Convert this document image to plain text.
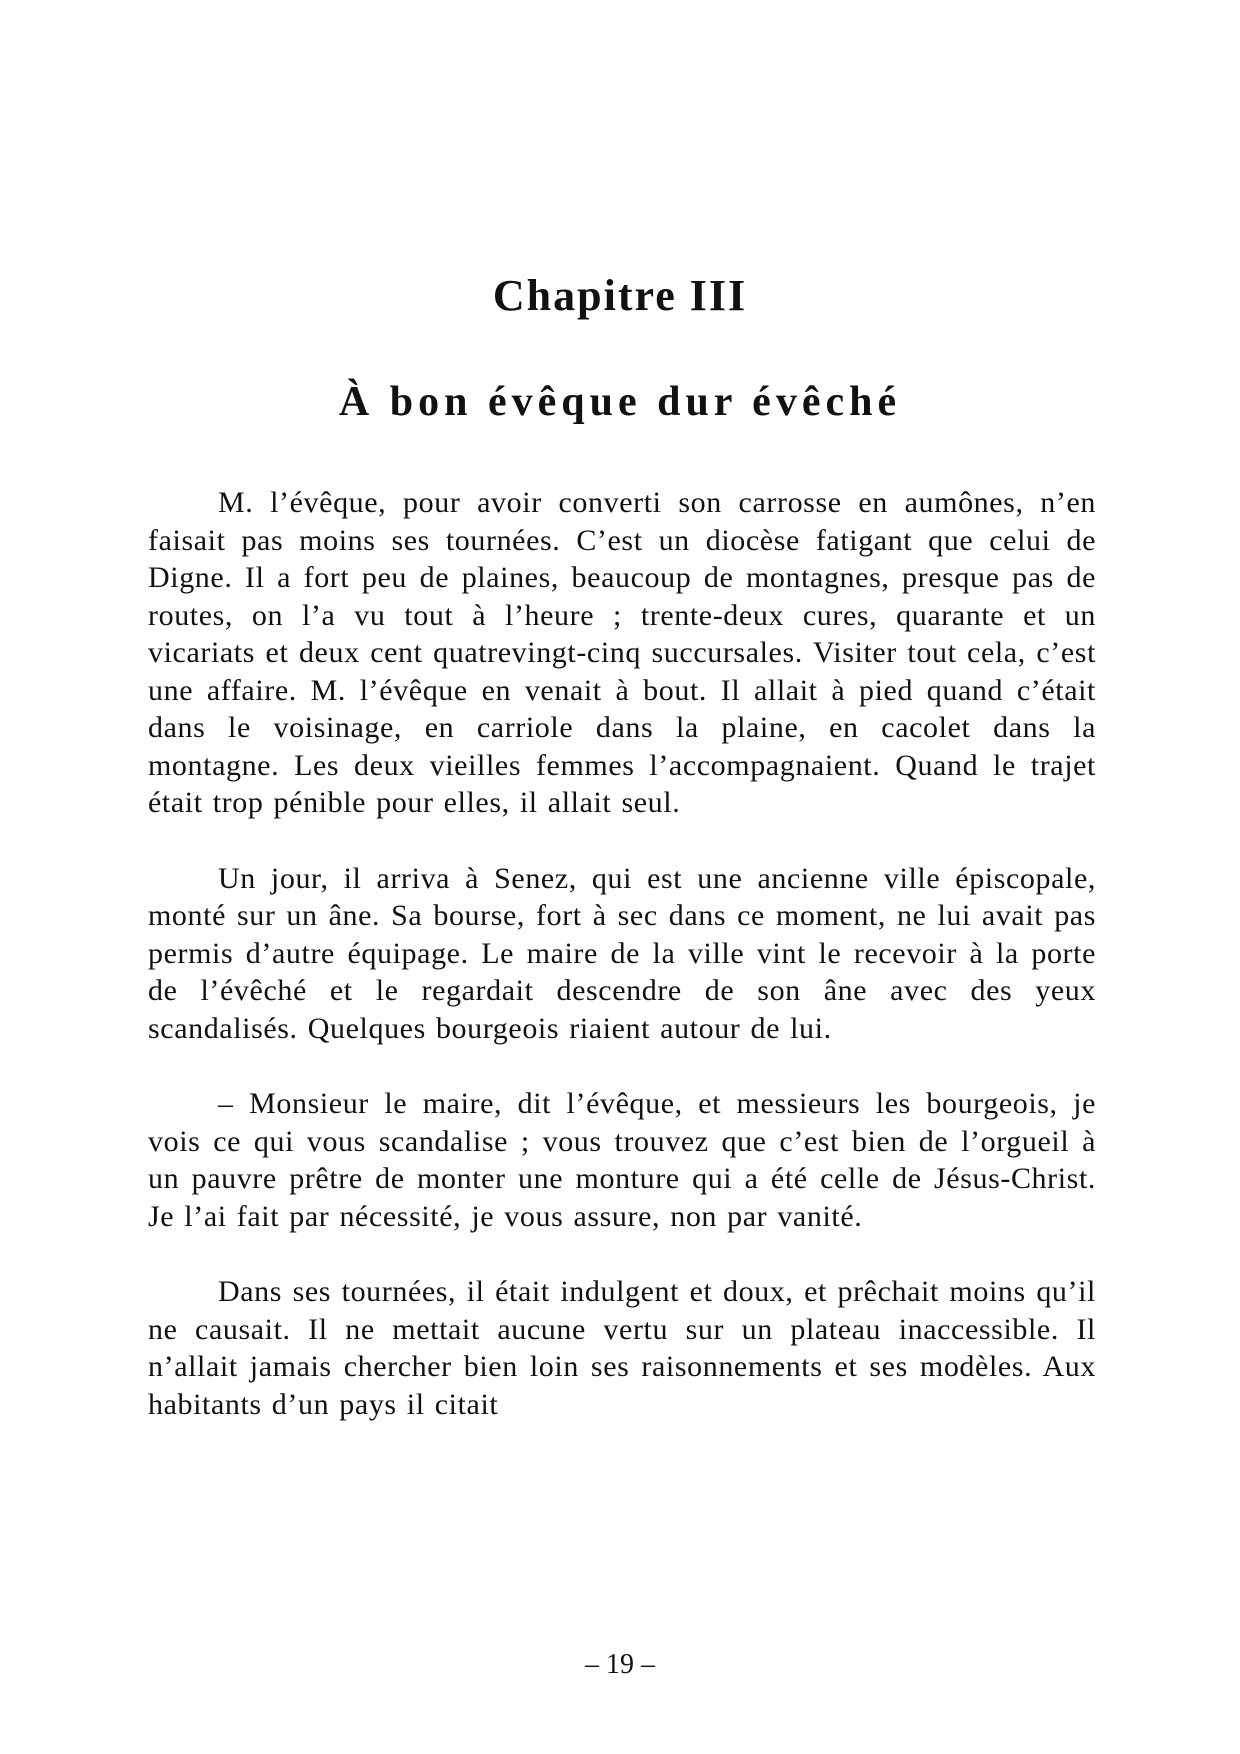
Chapitre III
À bon évêque dur évêché

M. l’évêque, pour avoir converti son carrosse en aumônes, n’en faisait pas moins ses tournées. C’est un diocèse fatigant que celui de Digne. Il a fort peu de plaines, beaucoup de montagnes, presque pas de routes, on l’a vu tout à l’heure ; trente-deux cures, quarante et un vicariats et deux cent quatrevingt-cinq succursales. Visiter tout cela, c’est une affaire. M. l’évêque en venait à bout. Il allait à pied quand c’était dans le voisinage, en carriole dans la plaine, en cacolet dans la montagne. Les deux vieilles femmes l’accompagnaient. Quand le trajet était trop pénible pour elles, il allait seul.

Un jour, il arriva à Senez, qui est une ancienne ville épiscopale, monté sur un âne. Sa bourse, fort à sec dans ce moment, ne lui avait pas permis d’autre équipage. Le maire de la ville vint le recevoir à la porte de l’évêché et le regardait descendre de son âne avec des yeux scandalisés. Quelques bourgeois riaient autour de lui.

– Monsieur le maire, dit l’évêque, et messieurs les bourgeois, je vois ce qui vous scandalise ; vous trouvez que c’est bien de l’orgueil à un pauvre prêtre de monter une monture qui a été celle de Jésus-Christ. Je l’ai fait par nécessité, je vous assure, non par vanité.

Dans ses tournées, il était indulgent et doux, et prêchait moins qu’il ne causait. Il ne mettait aucune vertu sur un plateau inaccessible. Il n’allait jamais chercher bien loin ses raisonnements et ses modèles. Aux habitants d’un pays il citait

– 19 –
